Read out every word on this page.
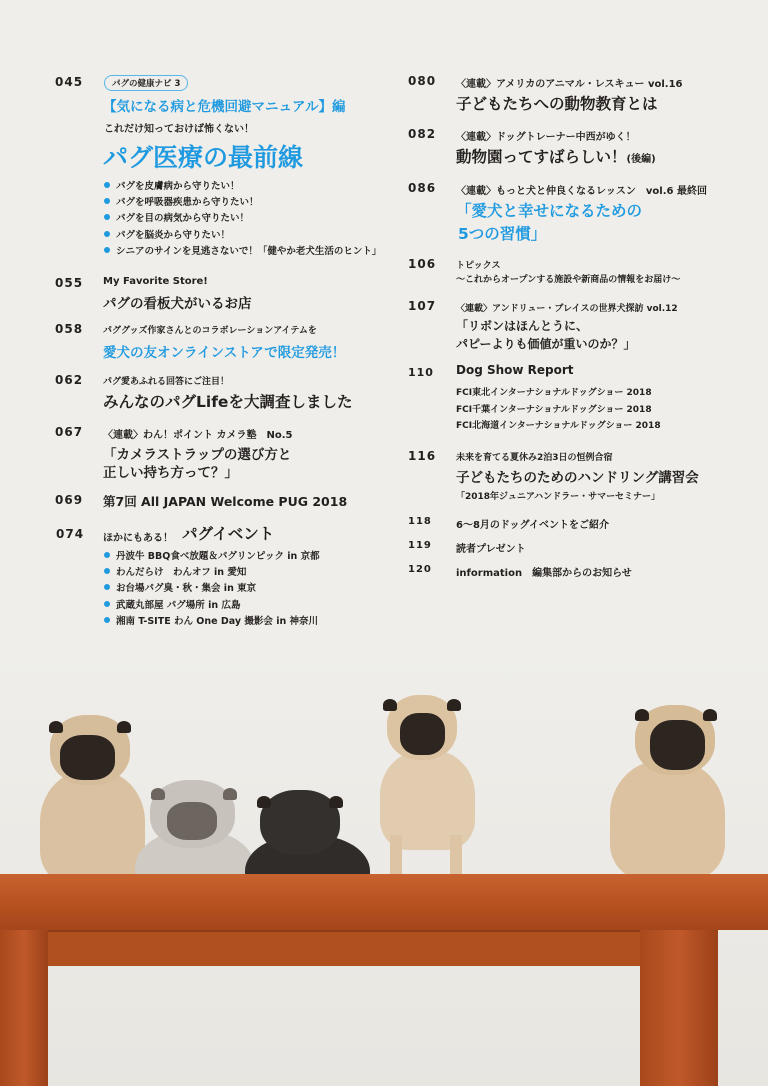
045	パグの健康ナビ 3
【気になる病と危機回避マニュアル】編
これだけ知っておけば怖くない！
パグ医療の最前線
パグを皮膚病から守りたい！
パグを呼吸器疾患から守りたい！
パグを目の病気から守りたい！
パグを脳炎から守りたい！
シニアのサインを見逃さないで！「健やか老犬生活のヒント」
055 My Favorite Store!
パグの看板犬がいるお店
058 パググッズ作家さんとのコラボレーションアイテムを
愛犬の友オンラインストアで限定発売！
062 パグ愛あふれる回答にご注目！
みんなのパグLifeを大調査しました
067 〈連載〉わん！ポイント カメラ塾　No.5
「カメラストラップの選び方と
正しい持ち方って？」
069 第7回 All JAPAN Welcome PUG 2018
074 ほかにもある！ パグイベント
丹波牛 BBQ食べ放題＆パグリンピック in 京都
わんだらけ　わんオフ in 愛知
お台場パグ臭・秋・集会 in 東京
武蔵丸部屋 パグ場所 in 広島
湘南 T-SITE わん One Day 撮影会 in 神奈川
080 〈連載〉アメリカのアニマル・レスキュー vol.16
子どもたちへの動物教育とは
082 〈連載〉ドッグトレーナー中西がゆく！
動物園ってすばらしい！(後編)
086 〈連載〉もっと犬と仲良くなるレッスン　vol.6 最終回
「愛犬と幸せになるための
5つの習慣」
106 トピックス
〜これからオープンする施設や新商品の情報をお届け〜
107 〈連載〉アンドリュー・ブレイスの世界犬探訪 vol.12
「リボンはほんとうに、
パピーよりも価値が重いのか？」
110 Dog Show Report
FCI東北インターナショナルドッグショー 2018
FCI千葉インターナショナルドッグショー 2018
FCI北海道インターナショナルドッグショー 2018
116 未来を育てる夏休み2泊3日の恒例合宿
子どもたちのためのハンドリング講習会
「2018年ジュニアハンドラー・サマーセミナー」
118 6〜8月のドッグイベントをご紹介
119 読者プレゼント
120 information　編集部からのお知らせ
